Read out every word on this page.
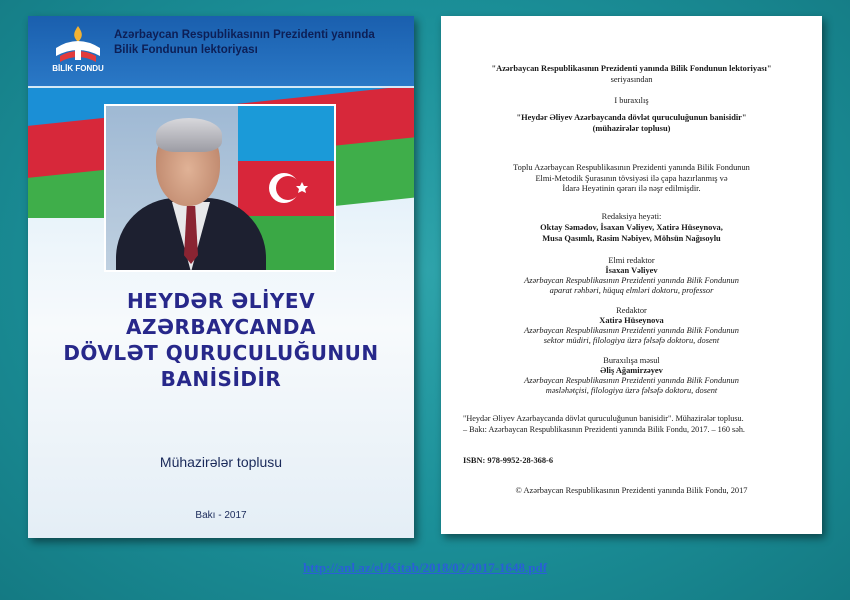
BİLİK FONDU
Azərbaycan Respublikasının Prezidenti yanında
Bilik Fondunun lektoriyası
HEYDƏR ƏLİYEV
AZƏRBAYCANDA
DÖVLƏT QURUCULUĞUNUN
BANİSİDİR
Mühazirələr toplusu
Bakı - 2017
"Azərbaycan Respublikasının Prezidenti yanında Bilik Fondunun lektoriyası"
seriyasından
I buraxılış
"Heydər Əliyev Azərbaycanda dövlət quruculuğunun banisidir"
(mühazirələr toplusu)
Toplu Azərbaycan Respublikasının Prezidenti yanında Bilik Fondunun
Elmi-Metodik Şurasının tövsiyəsi ilə çapa hazırlanmış və
İdarə Heyətinin qərarı ilə nəşr edilmişdir.
Redaksiya heyəti:
Oktay Səmədov, İsaxan Vəliyev, Xatirə Hüseynova,
Musa Qasımlı, Rasim Nəbiyev, Möhsün Nağısoylu
Elmi redaktor
İsaxan Vəliyev
Azərbaycan Respublikasının Prezidenti yanında Bilik Fondunun
aparat rəhbəri, hüquq elmləri doktoru, professor
Redaktor
Xatirə Hüseynova
Azərbaycan Respublikasının Prezidenti yanında Bilik Fondunun
sektor müdiri, filologiya üzrə fəlsəfə doktoru, dosent
Buraxılışa məsul
Əliş Ağamirzəyev
Azərbaycan Respublikasının Prezidenti yanında Bilik Fondunun
məsləhətçisi, filologiya üzrə fəlsəfə doktoru, dosent
"Heydər Əliyev Azərbaycanda dövlət quruculuğunun banisidir". Mühazirələr toplusu.
– Bakı: Azərbaycan Respublikasının Prezidenti yanında Bilik Fondu, 2017. – 160 səh.
ISBN: 978-9952-28-368-6
© Azərbaycan Respublikasının Prezidenti yanında Bilik Fondu, 2017
http://anl.az/el/Kitab/2018/02/2017-1648.pdf
